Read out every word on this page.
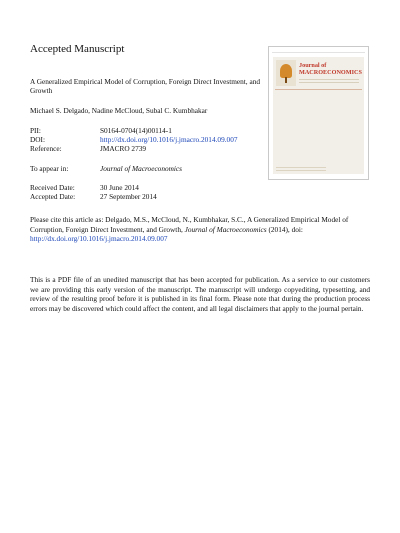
Accepted Manuscript
A Generalized Empirical Model of Corruption, Foreign Direct Investment, and Growth
Michael S. Delgado, Nadine McCloud, Subal C. Kumbhakar
PII:	S0164-0704(14)00114-1
DOI:	http://dx.doi.org/10.1016/j.jmacro.2014.09.007
Reference:	JMACRO 2739
To appear in:	Journal of Macroeconomics
Received Date:	30 June 2014
Accepted Date:	27 September 2014
Please cite this article as: Delgado, M.S., McCloud, N., Kumbhakar, S.C., A Generalized Empirical Model of Corruption, Foreign Direct Investment, and Growth, Journal of Macroeconomics (2014), doi: http://dx.doi.org/10.1016/j.jmacro.2014.09.007
This is a PDF file of an unedited manuscript that has been accepted for publication. As a service to our customers we are providing this early version of the manuscript. The manuscript will undergo copyediting, typesetting, and review of the resulting proof before it is published in its final form. Please note that during the production process errors may be discovered which could affect the content, and all legal disclaimers that apply to the journal pertain.
Journal of
MACROECONOMICS
